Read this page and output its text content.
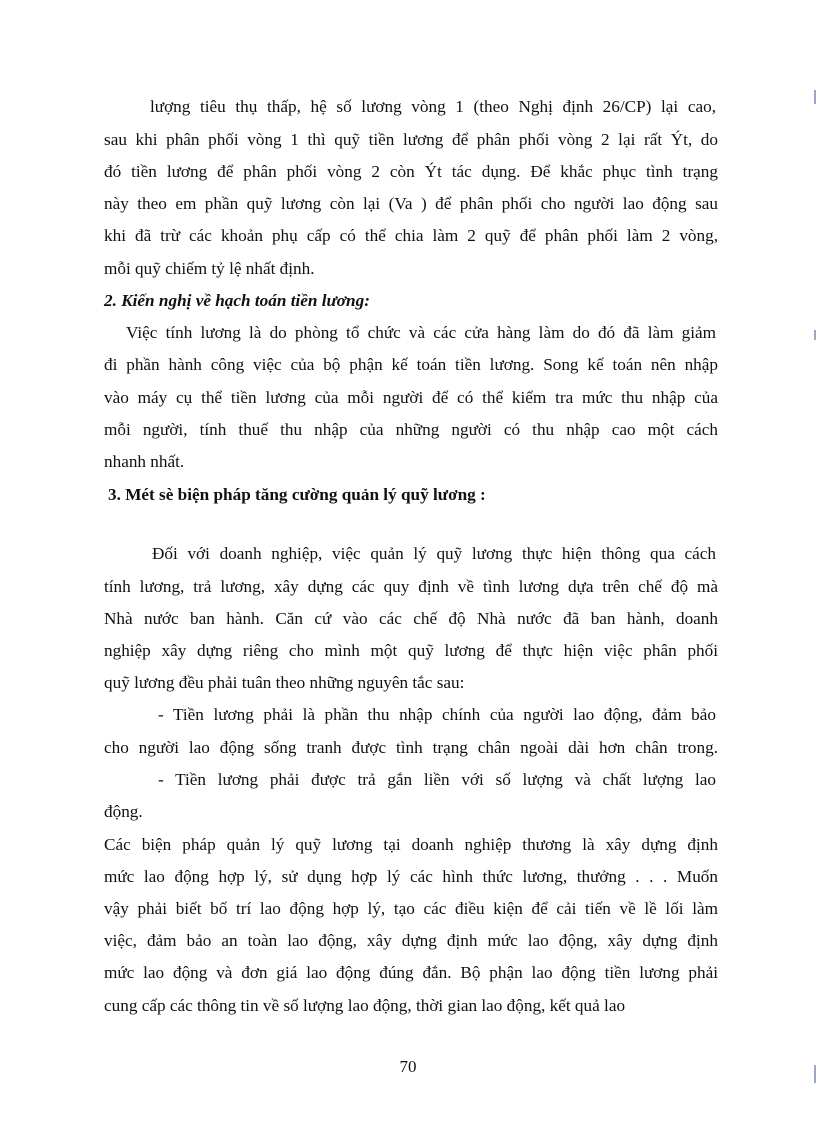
lượng tiêu thụ thấp, hệ số lương vòng 1 (theo Nghị định 26/CP) lại cao,
sau khi phân phối vòng 1 thì quỹ tiền lương để phân phối vòng 2 lại rất Ýt, do
đó tiền lương để phân phối vòng 2 còn Ýt tác dụng. Để khắc phục tình trạng
này theo em phần quỹ lương còn lại (Va ) để phân phối cho người lao động sau
khi đã trừ các khoản phụ cấp có thể chia làm 2 quỹ để phân phối làm 2 vòng,
mỗi quỹ chiếm tỷ lệ nhất định.
2. Kiến nghị về hạch toán tiền lương:
Việc tính lương là do phòng tổ chức và các cửa hàng làm do đó đã làm giảm
đi phần hành công việc của bộ phận kế toán tiền lương. Song kế toán nên nhập
vào máy cụ thể tiền lương của mỗi người để có thể kiểm tra mức thu nhập của
mỗi người, tính thuế thu nhập của những người có thu nhập cao một cách
nhanh nhất.
3. Mét sè biện pháp tăng cường quản lý quỹ lương :
Đối với doanh nghiệp, việc quản lý quỹ lương thực hiện thông qua cách
tính lương, trả lương, xây dựng các quy định về tình lương dựa trên chế độ mà
Nhà nước ban hành. Căn cứ vào các chế độ Nhà nước đã ban hành, doanh
nghiệp xây dựng riêng cho mình một quỹ lương để thực hiện việc phân phối
quỹ lương đều phải tuân theo những nguyên tắc sau:
- Tiền lương phải là phần thu nhập chính của người lao động, đảm bảo
cho người lao động sống tranh được tình trạng chân ngoài dài hơn chân trong.
- Tiền lương phải được trả gắn liền với số lượng và chất lượng lao
động.
Các biện pháp quản lý quỹ lương tại doanh nghiệp thương là xây dựng định
mức lao động hợp lý, sử dụng hợp lý các hình thức lương, thưởng . . . Muốn
vậy phải biết bố trí lao động hợp lý, tạo các điều kiện để cải tiến về lề lối làm
việc, đảm bảo an toàn lao động, xây dựng định mức lao động, xây dựng định
mức lao động và đơn giá lao động đúng đắn. Bộ phận lao động tiền lương phải
cung cấp các thông tin về số lượng lao động, thời gian lao động, kết quả lao
70
